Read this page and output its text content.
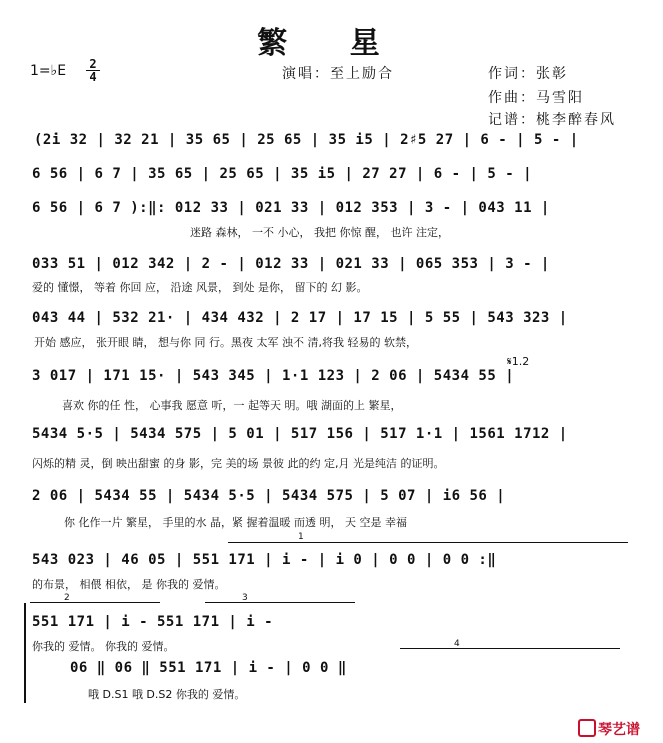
繁 星
1=♭E 2
4	演唱：至上励合	作词：张彰
作曲：马雪阳
记谱：桃李醉春风
(2̇i 32 | 32 21 | 35 65 | 25 65 | 35 i5 | 2♯5 27 | 6 - | 5 - |
6 56 | 6 7 | 35 65 | 25 65 | 35 i5 | 27 27 | 6 - | 5 - |
6 56 | 6 7 ):‖: 012 33 | 021 33 | 012 353 | 3 - | 043 11 |
迷路 森林， 一不 小心， 我把 你惊 醒， 也许 注定，
033 51 | 012 342 | 2 - | 012 33 | 021 33 | 065 353 | 3 - |
爱的 懂憬， 等着 你回 应， 沿途 风景， 到处 是你， 留下的 幻 影。
043 44 | 532 21· | 434 432 | 2 17 | 17 15 | 5 55 | 543 323 |
开始 感应， 张开眼 睛， 想与你 同 行。黑夜 太军 浊不 清,将我 轻易的 软禁，
𝄋1.2
3 017 | 171 15· | 543 345 | 1·1 123 | 2 06 | 5434 55 |
喜欢 你的任 性， 心事我 愿意 听，一 起等天 明。哦 湖面的上 繁星，
5434 5·5 | 5434 575 | 5 01 | 517 156 | 517 1·1 | 1561 1712 |
闪烁的精 灵，倒 映出甜蜜 的身 影，完 美的场 景彼 此的约 定,月 光是纯洁 的证明。
2 06 | 5434 55 | 5434 5·5 | 5434 575 | 5 07 | i6 56 |
你 化作一片 繁星， 手里的水 晶，紧 握着温暖 而透 明， 天 空是 幸福
1
543 023 | 46 05 | 551 171 | i - | i 0 | 0 0 | 0 0 :‖
的布景， 相偎 相依， 是 你我的 爱情。
2	3
551 171 | i - 551 171 | i -
你我的 爱情。 你我的 爱情。	4
06 ‖ 06 ‖ 551 171 | i - | 0 0 ‖
哦 D.S1 哦 D.S2 你我的 爱情。
琴艺谱
